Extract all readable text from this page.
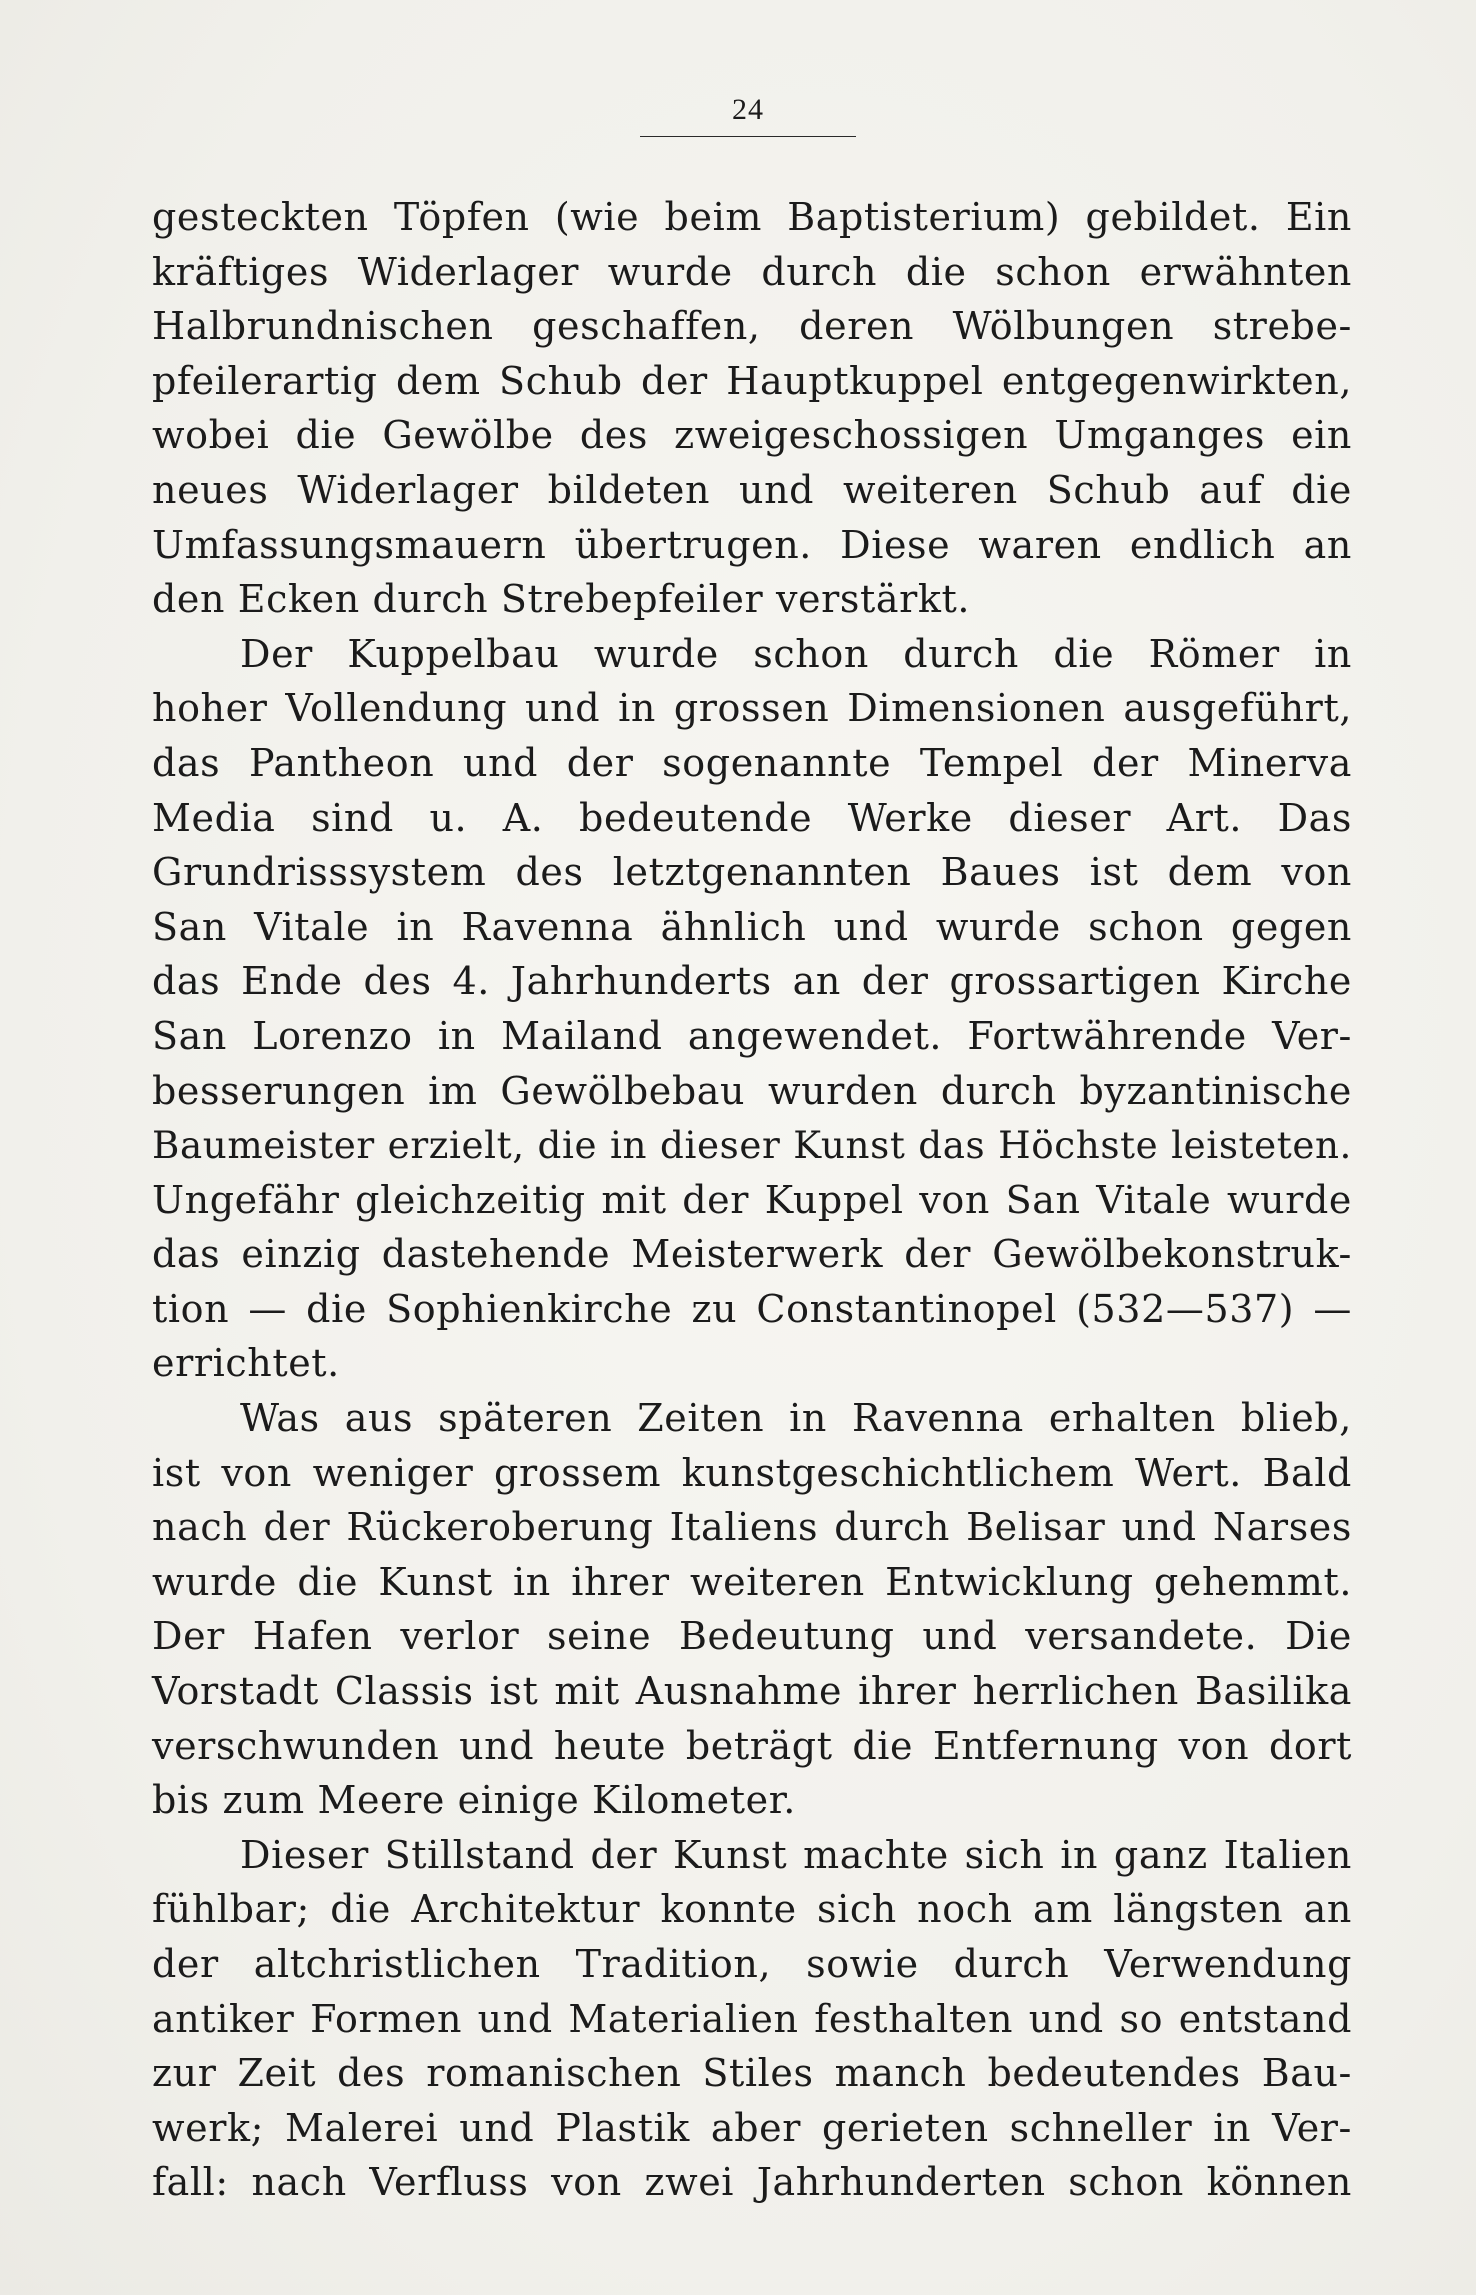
24
gesteckten Töpfen (wie beim Baptisterium) gebildet. Ein
kräftiges Widerlager wurde durch die schon erwähnten
Halbrundnischen geschaffen, deren Wölbungen strebe-
pfeilerartig dem Schub der Hauptkuppel entgegenwirkten,
wobei die Gewölbe des zweigeschossigen Umganges ein
neues Widerlager bildeten und weiteren Schub auf die
Umfassungsmauern übertrugen. Diese waren endlich an
den Ecken durch Strebepfeiler verstärkt.
Der Kuppelbau wurde schon durch die Römer in
hoher Vollendung und in grossen Dimensionen ausgeführt,
das Pantheon und der sogenannte Tempel der Minerva
Media sind u. A. bedeutende Werke dieser Art. Das
Grundrisssystem des letztgenannten Baues ist dem von
San Vitale in Ravenna ähnlich und wurde schon gegen
das Ende des 4. Jahrhunderts an der grossartigen Kirche
San Lorenzo in Mailand angewendet. Fortwährende Ver-
besserungen im Gewölbebau wurden durch byzantinische
Baumeister erzielt, die in dieser Kunst das Höchste leisteten.
Ungefähr gleichzeitig mit der Kuppel von San Vitale wurde
das einzig dastehende Meisterwerk der Gewölbekonstruk-
tion — die Sophienkirche zu Constantinopel (532—537) —
errichtet.
Was aus späteren Zeiten in Ravenna erhalten blieb,
ist von weniger grossem kunstgeschichtlichem Wert. Bald
nach der Rückeroberung Italiens durch Belisar und Narses
wurde die Kunst in ihrer weiteren Entwicklung gehemmt.
Der Hafen verlor seine Bedeutung und versandete. Die
Vorstadt Classis ist mit Ausnahme ihrer herrlichen Basilika
verschwunden und heute beträgt die Entfernung von dort
bis zum Meere einige Kilometer.
Dieser Stillstand der Kunst machte sich in ganz Italien
fühlbar; die Architektur konnte sich noch am längsten an
der altchristlichen Tradition, sowie durch Verwendung
antiker Formen und Materialien festhalten und so entstand
zur Zeit des romanischen Stiles manch bedeutendes Bau-
werk; Malerei und Plastik aber gerieten schneller in Ver-
fall: nach Verfluss von zwei Jahrhunderten schon können
